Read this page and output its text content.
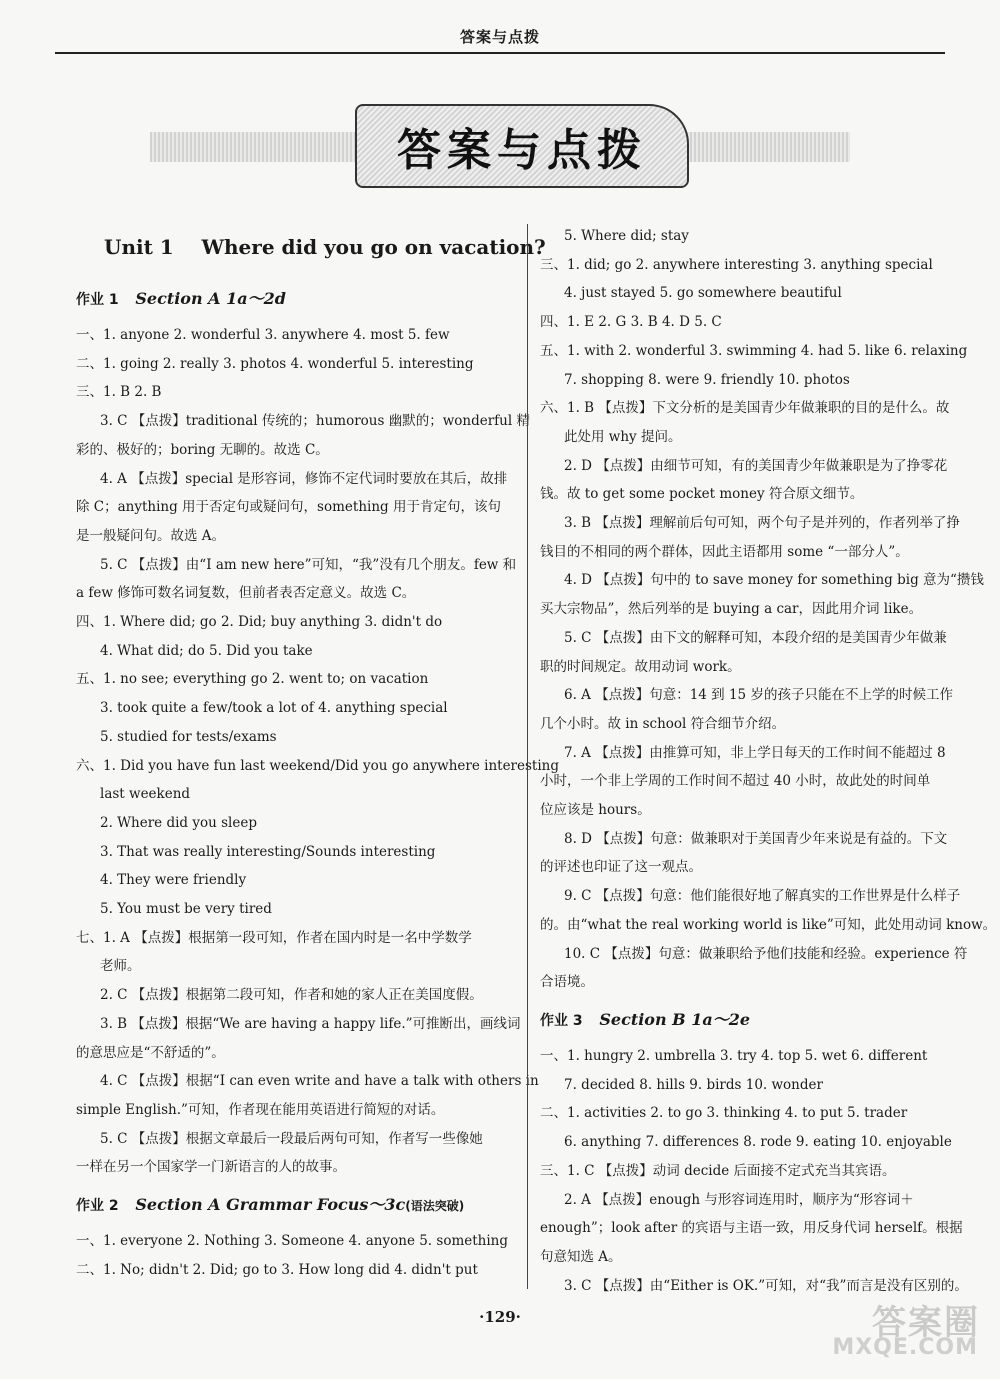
答案与点拨
答案与点拨
Unit 1    Where did you go on vacation?
作业 1   Section A 1a～2d
一、1. anyone 2. wonderful 3. anywhere 4. most 5. few
二、1. going 2. really 3. photos 4. wonderful 5. interesting
三、1. B 2. B
3. C 【点拨】traditional 传统的；humorous 幽默的；wonderful 精
彩的、极好的；boring 无聊的。故选 C。
4. A 【点拨】special 是形容词，修饰不定代词时要放在其后，故排
除 C；anything 用于否定句或疑问句，something 用于肯定句，该句
是一般疑问句。故选 A。
5. C 【点拨】由“I am new here”可知，“我”没有几个朋友。few 和
a few 修饰可数名词复数，但前者表否定意义。故选 C。
四、1. Where did; go 2. Did; buy anything 3. didn't do
4. What did; do 5. Did you take
五、1. no see; everything go 2. went to; on vacation
3. took quite a few/took a lot of 4. anything special
5. studied for tests/exams
六、1. Did you have fun last weekend/Did you go anywhere interesting
last weekend
2. Where did you sleep
3. That was really interesting/Sounds interesting
4. They were friendly
5. You must be very tired
七、1. A 【点拨】根据第一段可知，作者在国内时是一名中学数学
老师。
2. C 【点拨】根据第二段可知，作者和她的家人正在美国度假。
3. B 【点拨】根据“We are having a happy life.”可推断出，画线词
的意思应是“不舒适的”。
4. C 【点拨】根据“I can even write and have a talk with others in
simple English.”可知，作者现在能用英语进行简短的对话。
5. C 【点拨】根据文章最后一段最后两句可知，作者写一些像她
一样在另一个国家学一门新语言的人的故事。
作业 2   Section A Grammar Focus～3c(语法突破)
一、1. everyone 2. Nothing 3. Someone 4. anyone 5. something
二、1. No; didn't 2. Did; go to 3. How long did 4. didn't put
5. Where did; stay
三、1. did; go 2. anywhere interesting 3. anything special
4. just stayed 5. go somewhere beautiful
四、1. E 2. G 3. B 4. D 5. C
五、1. with 2. wonderful 3. swimming 4. had 5. like 6. relaxing
7. shopping 8. were 9. friendly 10. photos
六、1. B 【点拨】下文分析的是美国青少年做兼职的目的是什么。故
此处用 why 提问。
2. D 【点拨】由细节可知，有的美国青少年做兼职是为了挣零花
钱。故 to get some pocket money 符合原文细节。
3. B 【点拨】理解前后句可知，两个句子是并列的，作者列举了挣
钱目的不相同的两个群体，因此主语都用 some “一部分人”。
4. D 【点拨】句中的 to save money for something big 意为“攒钱
买大宗物品”，然后列举的是 buying a car，因此用介词 like。
5. C 【点拨】由下文的解释可知，本段介绍的是美国青少年做兼
职的时间规定。故用动词 work。
6. A 【点拨】句意：14 到 15 岁的孩子只能在不上学的时候工作
几个小时。故 in school 符合细节介绍。
7. A 【点拨】由推算可知，非上学日每天的工作时间不能超过 8
小时，一个非上学周的工作时间不超过 40 小时，故此处的时间单
位应该是 hours。
8. D 【点拨】句意：做兼职对于美国青少年来说是有益的。下文
的评述也印证了这一观点。
9. C 【点拨】句意：他们能很好地了解真实的工作世界是什么样子
的。由“what the real working world is like”可知，此处用动词 know。
10. C 【点拨】句意：做兼职给予他们技能和经验。experience 符
合语境。
作业 3   Section B 1a～2e
一、1. hungry 2. umbrella 3. try 4. top 5. wet 6. different
7. decided 8. hills 9. birds 10. wonder
二、1. activities 2. to go 3. thinking 4. to put 5. trader
6. anything 7. differences 8. rode 9. eating 10. enjoyable
三、1. C 【点拨】动词 decide 后面接不定式充当其宾语。
2. A 【点拨】enough 与形容词连用时，顺序为“形容词＋
enough”；look after 的宾语与主语一致，用反身代词 herself。根据
句意知选 A。
3. C 【点拨】由“Either is OK.”可知，对“我”而言是没有区别的。
·129·	答案圈
MXQE.COM
